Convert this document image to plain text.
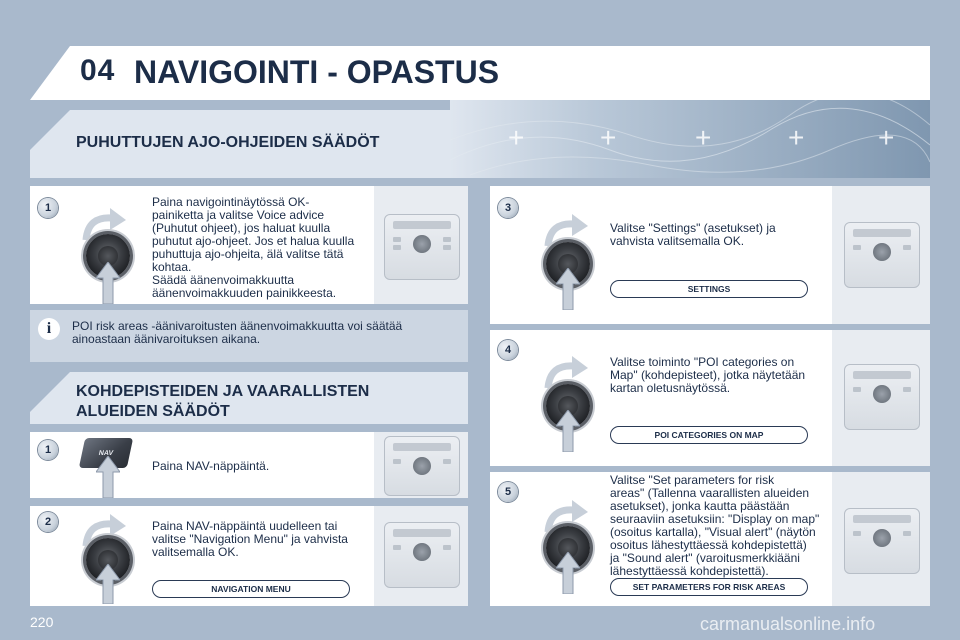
04 NAVIGOINTI - OPASTUS
+	+	+	+	+
PUHUTTUJEN AJO-OHJEIDEN SÄÄDÖT
1	Paina navigointinäytössä OK-
painiketta ja valitse Voice advice
(Puhutut ohjeet), jos haluat kuulla
puhutut ajo-ohjeet. Jos et halua kuulla
puhuttuja ajo-ohjeita, älä valitse tätä
kohtaa.
Säädä äänenvoimakkuutta
äänenvoimakkuuden painikkeesta.
i	POI risk areas -äänivaroitusten äänenvoimakkuutta voi säätää
ainoastaan äänivaroituksen aikana.
KOHDEPISTEIDEN JA VAARALLISTEN
ALUEIDEN SÄÄDÖT
1	NAV
Paina NAV-näppäintä.
2	Paina NAV-näppäintä uudelleen tai
valitse "Navigation Menu" ja vahvista
valitsemalla OK.
NAVIGATION MENU
3
Valitse "Settings" (asetukset) ja
vahvista valitsemalla OK.
SETTINGS
4
Valitse toiminto "POI categories on
Map" (kohdepisteet), jotka näytetään
kartan oletusnäytössä.
POI CATEGORIES ON MAP
5
Valitse "Set parameters for risk
areas" (Tallenna vaarallisten alueiden
asetukset), jonka kautta päästään
seuraaviin asetuksiin: "Display on map"
(osoitus kartalla), "Visual alert" (näytön
osoitus lähestyttäessä kohdepistettä)
ja "Sound alert" (varoitusmerkkiääni
lähestyttäessä kohdepistettä).
SET PARAMETERS FOR RISK AREAS
220	carmanualsonline.info
